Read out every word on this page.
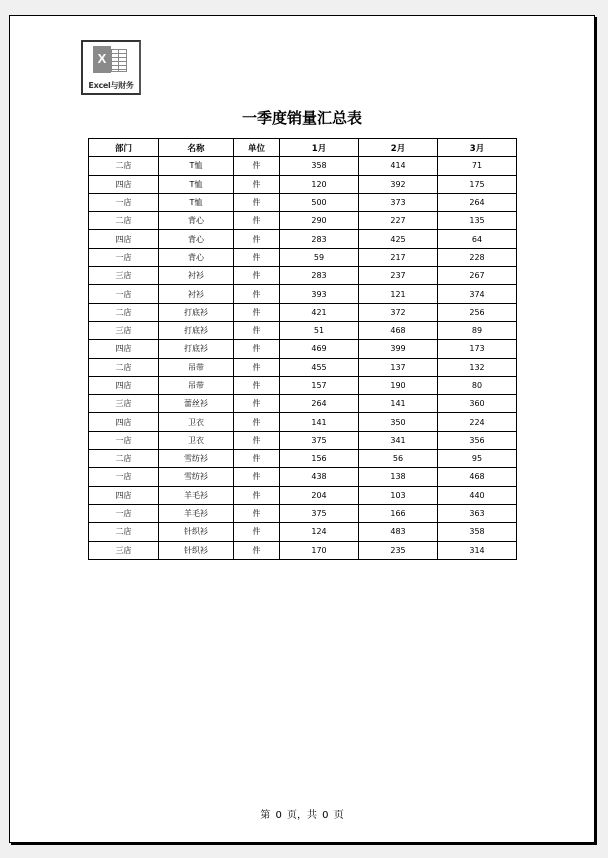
X
Excel与财务
一季度销量汇总表
部门	名称	单位	1月	2月	3月
二店	T恤	件	358	414	71
四店	T恤	件	120	392	175
一店	T恤	件	500	373	264
二店	背心	件	290	227	135
四店	背心	件	283	425	64
一店	背心	件	59	217	228
三店	衬衫	件	283	237	267
一店	衬衫	件	393	121	374
二店	打底衫	件	421	372	256
三店	打底衫	件	51	468	89
四店	打底衫	件	469	399	173
二店	吊带	件	455	137	132
四店	吊带	件	157	190	80
三店	蕾丝衫	件	264	141	360
四店	卫衣	件	141	350	224
一店	卫衣	件	375	341	356
二店	雪纺衫	件	156	56	95
一店	雪纺衫	件	438	138	468
四店	羊毛衫	件	204	103	440
一店	羊毛衫	件	375	166	363
二店	针织衫	件	124	483	358
三店	针织衫	件	170	235	314
第 0 页，共 0 页
